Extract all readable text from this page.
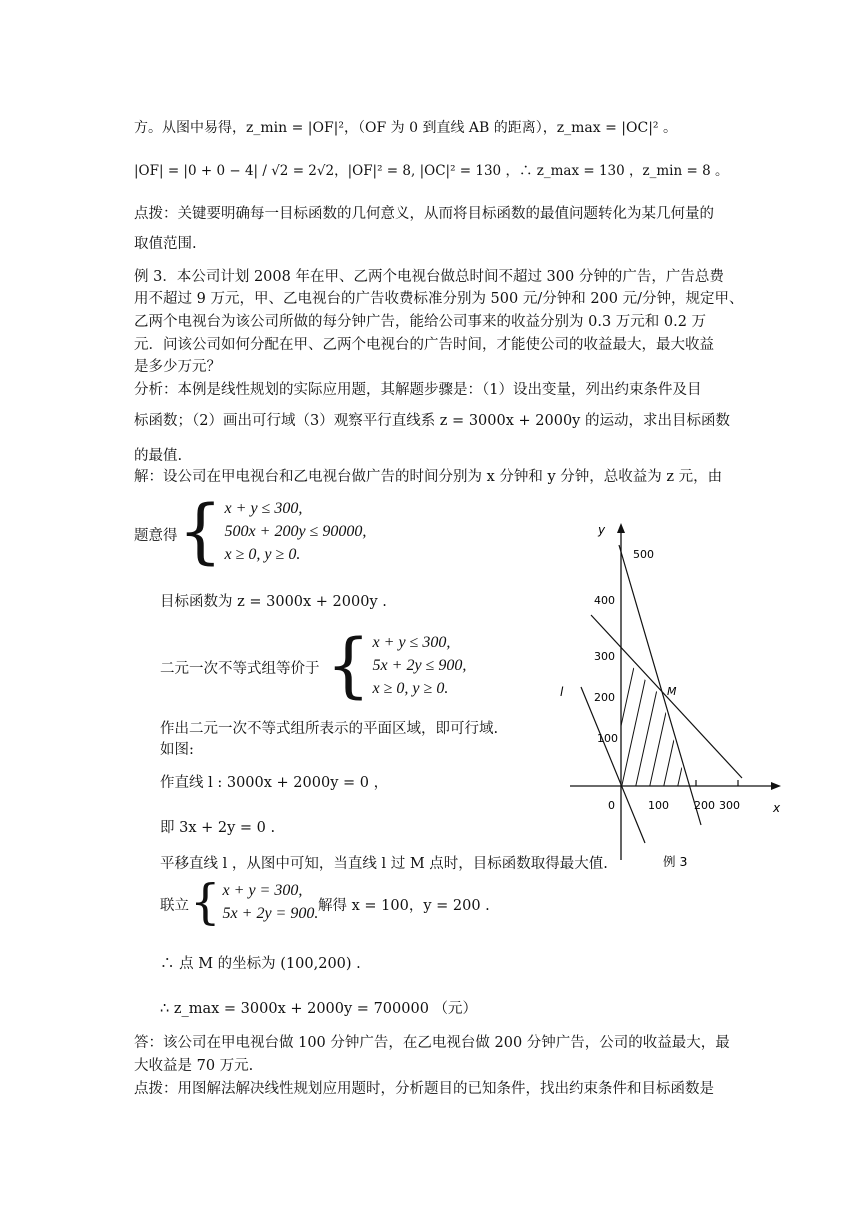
方。从图中易得，z_min = |OF|²，（OF 为 0 到直线 AB 的距离），z_max = |OC|² 。
|OF| = |0 + 0 − 4| / √2 = 2√2，|OF|² = 8, |OC|² = 130 ，∴ z_max = 130 ，z_min = 8 。
点拨：关键要明确每一目标函数的几何意义，从而将目标函数的最值问题转化为某几何量的
取值范围.
例 3．本公司计划 2008 年在甲、乙两个电视台做总时间不超过 300 分钟的广告，广告总费
用不超过 9 万元，甲、乙电视台的广告收费标准分别为 500 元/分钟和 200 元/分钟，规定甲、
乙两个电视台为该公司所做的每分钟广告，能给公司事来的收益分别为 0.3 万元和 0.2 万
元．问该公司如何分配在甲、乙两个电视台的广告时间，才能使公司的收益最大，最大收益
是多少万元？
分析：本例是线性规划的实际应用题，其解题步骤是：（1）设出变量，列出约束条件及目
标函数；（2）画出可行域（3）观察平行直线系 z = 3000x + 2000y 的运动，求出目标函数
的最值.
解：设公司在甲电视台和乙电视台做广告的时间分别为 x 分钟和 y 分钟，总收益为 z 元，由
题意得 { x + y ≤ 300,
500x + 200y ≤ 90000,
x ≥ 0, y ≥ 0.
目标函数为 z = 3000x + 2000y .
二元一次不等式组等价于 { x + y ≤ 300,
5x + 2y ≤ 900,
x ≥ 0, y ≥ 0.
作出二元一次不等式组所表示的平面区域，即可行域.
如图:
作直线 l : 3000x + 2000y = 0 ，
即 3x + 2y = 0 .
平移直线 l ，从图中可知，当直线 l 过 M 点时，目标函数取得最大值.
联立 { x + y = 300,
5x + 2y = 900. 解得 x = 100，y = 200 .
∴ 点 M 的坐标为 (100,200) .
∴ z_max = 3000x + 2000y = 700000 （元）
答：该公司在甲电视台做 100 分钟广告，在乙电视台做 200 分钟广告，公司的收益最大，最
大收益是 70 万元.
点拨：用图解法解决线性规划应用题时，分析题目的已知条件，找出约束条件和目标函数是
y
x
l	M
0
500
400
300
200
100
100 200 300
例 3
